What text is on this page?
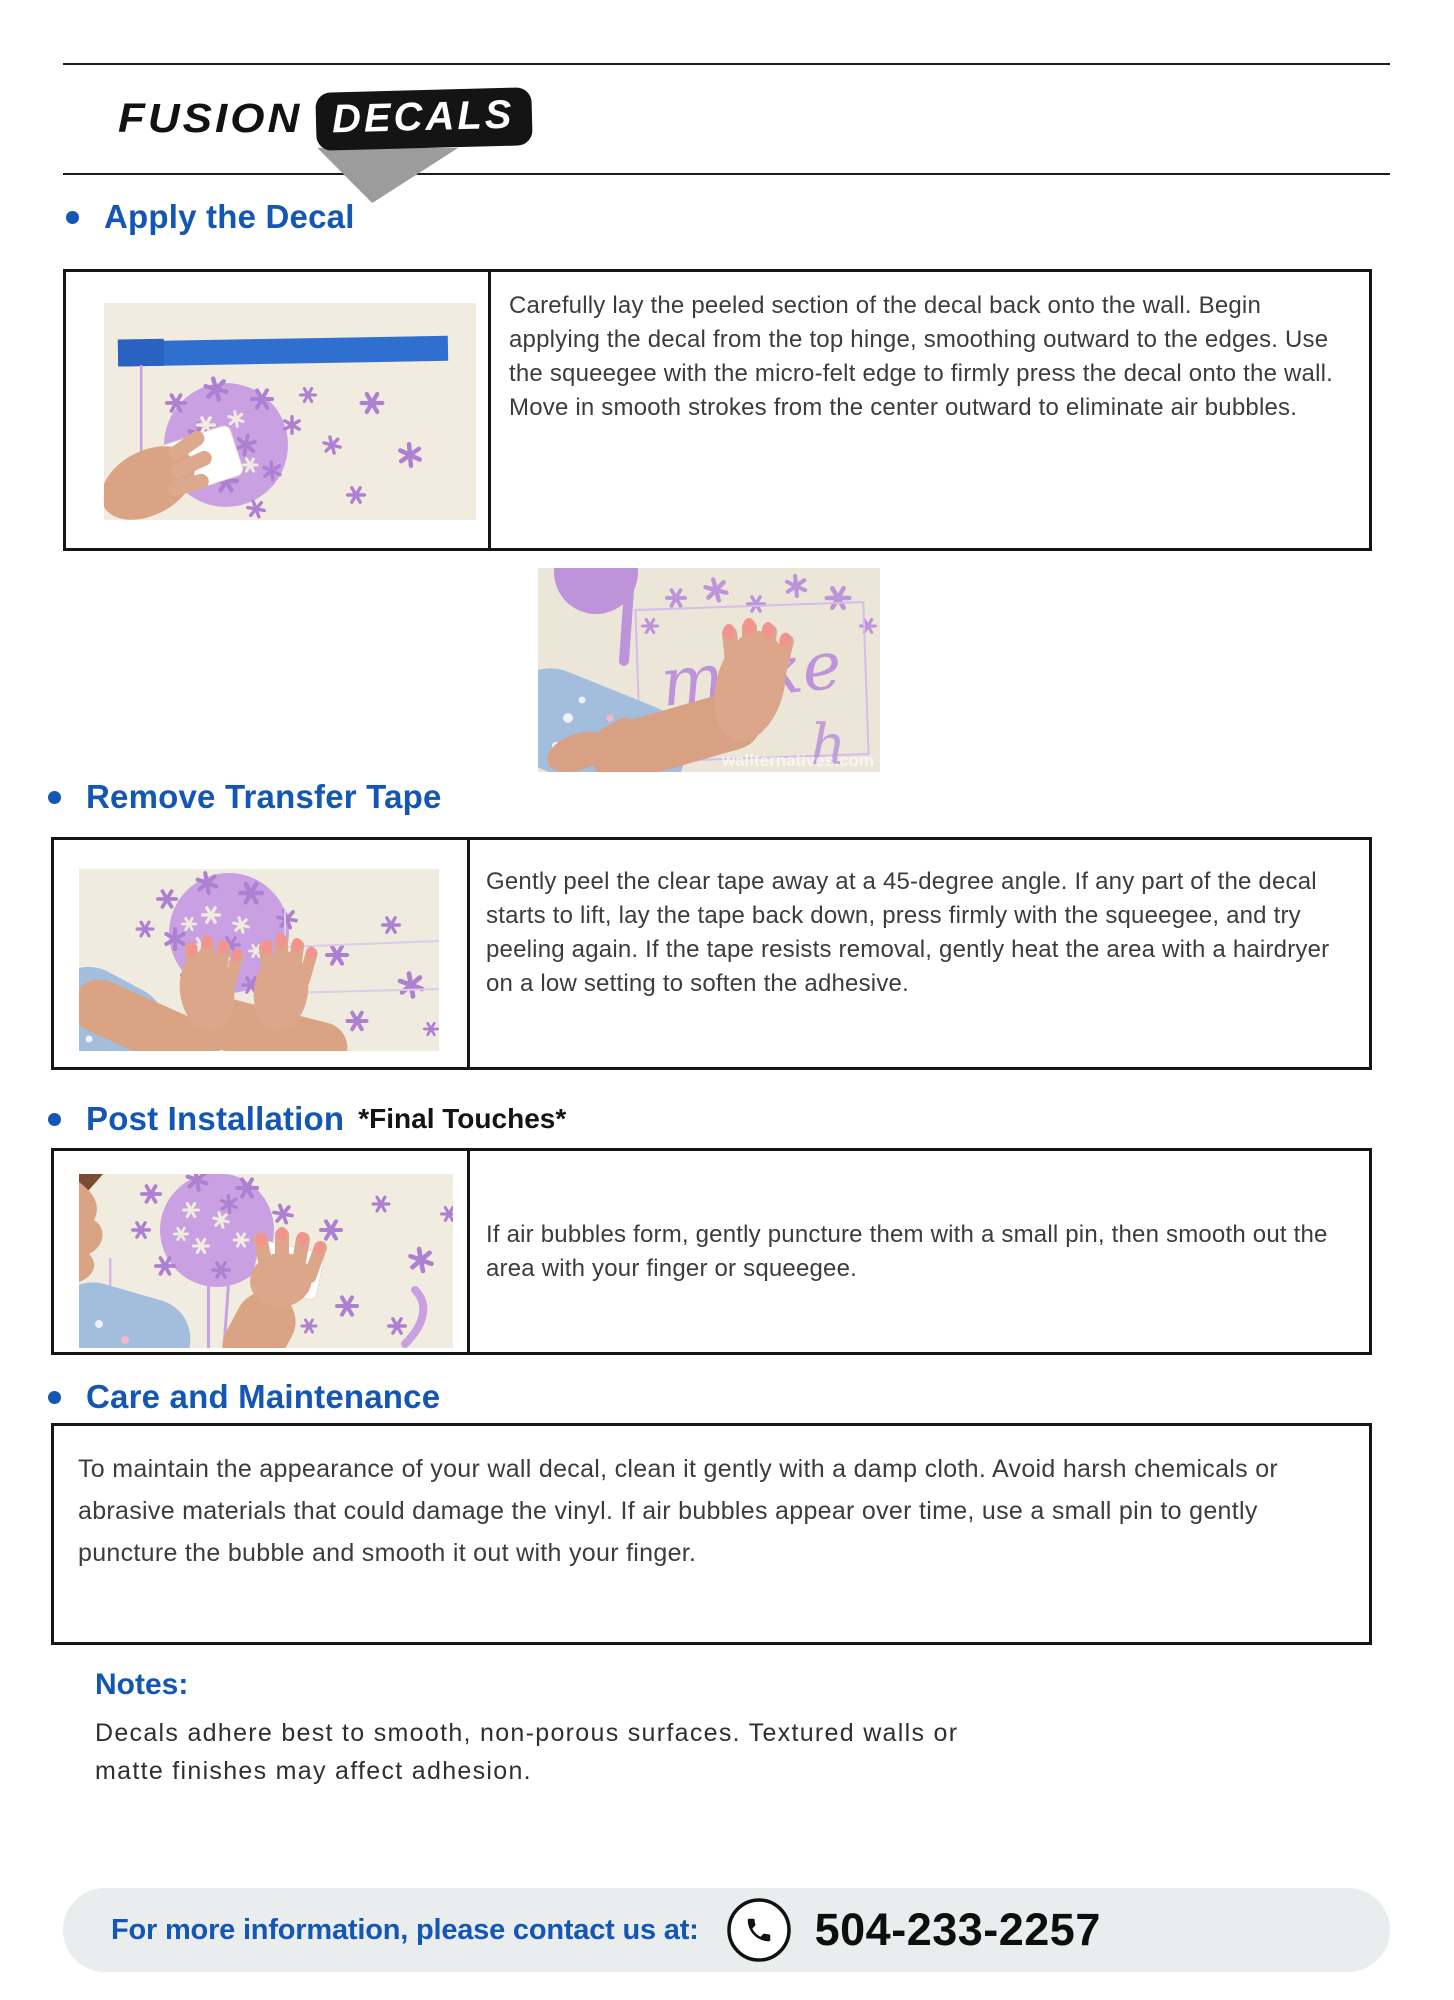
FUSION DECALS
Apply the Decal

Carefully lay the peeled section of the decal back onto the wall. Begin applying the decal from the top hinge, smoothing outward to the edges. Use the squeegee with the micro-felt edge to firmly press the decal onto the wall. Move in smooth strokes from the center outward to eliminate air bubbles.

h
wallternatives.com
Remove Transfer Tape

Gently peel the clear tape away at a 45-degree angle. If any part of the decal starts to lift, lay the tape back down, press firmly with the squeegee, and try peeling again. If the tape resists removal, gently heat the area with a hairdryer on a low setting to soften the adhesive.

Post Installation *Final Touches*

If air bubbles form, gently puncture them with a small pin, then smooth out the area with your finger or squeegee.

Care and Maintenance

To maintain the appearance of your wall decal, clean it gently with a damp cloth. Avoid harsh chemicals or abrasive materials that could damage the vinyl. If air bubbles appear over time, use a small pin to gently puncture the bubble and smooth it out with your finger.

Notes:

Decals adhere best to smooth, non-porous surfaces. Textured walls or matte finishes may affect adhesion.

For more information, please contact us at:	504-233-2257
